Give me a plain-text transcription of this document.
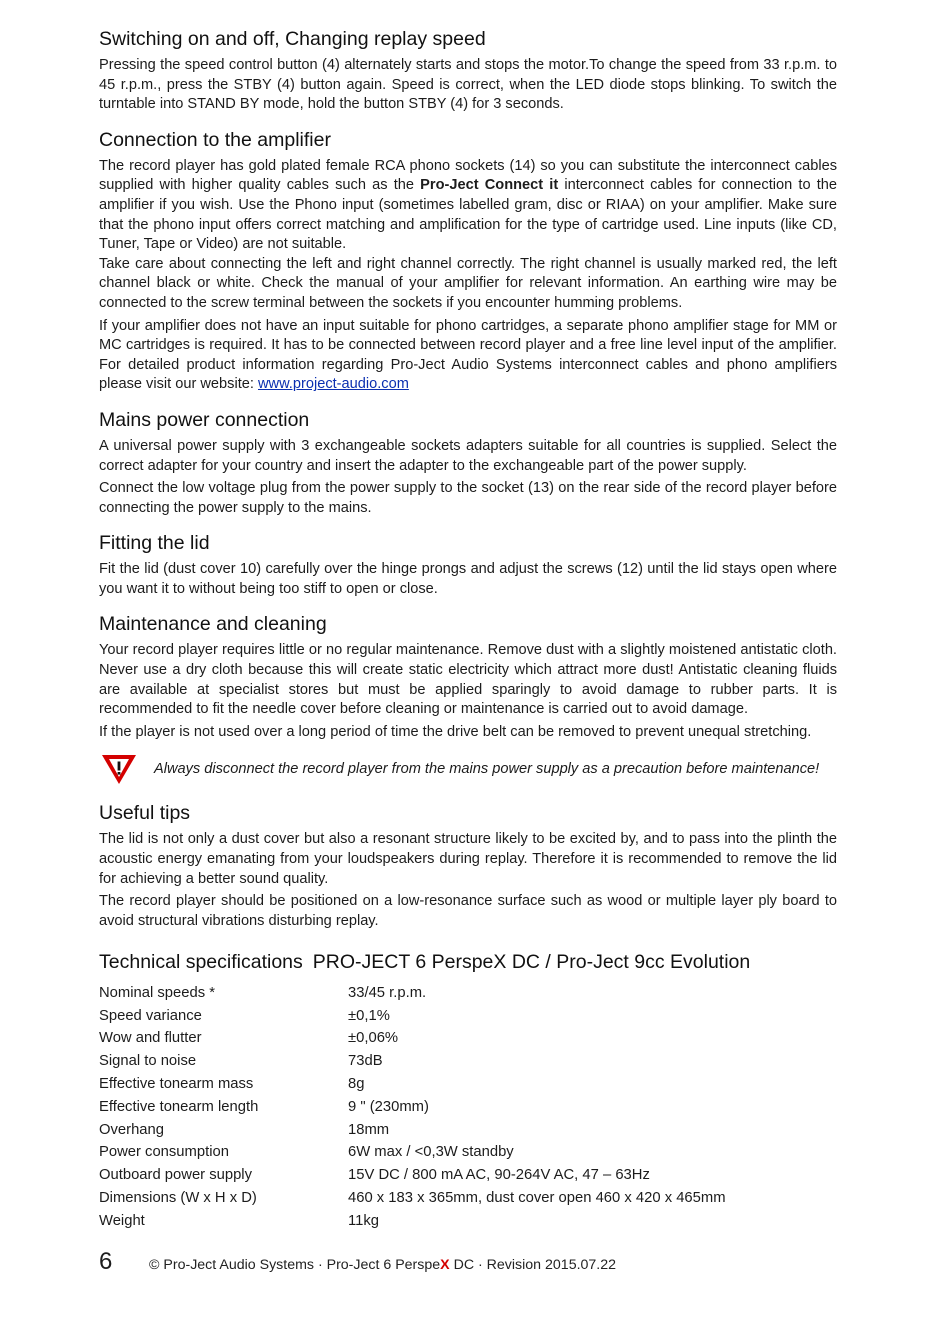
Switching on and off, Changing replay speed

Pressing the speed control button (4) alternately starts and stops the motor.To change the speed from 33 r.p.m. to 45 r.p.m., press the STBY (4) button again. Speed is correct, when the LED diode stops blinking. To switch the turntable into STAND BY mode, hold the button STBY (4) for 3 seconds.

Connection to the amplifier

The record player has gold plated female RCA phono sockets (14) so you can substitute the interconnect cables supplied with higher quality cables such as the Pro-Ject Connect it interconnect cables for connection to the amplifier if you wish. Use the Phono input (sometimes labelled gram, disc or RIAA) on your amplifier. Make sure that the phono input offers correct matching and amplification for the type of cartridge used. Line inputs (like CD, Tuner, Tape or Video) are not suitable.

Take care about connecting the left and right channel correctly. The right channel is usually marked red, the left channel black or white. Check the manual of your amplifier for relevant information. An earthing wire may be connected to the screw terminal between the sockets if you encounter humming problems.

If your amplifier does not have an input suitable for phono cartridges, a separate phono amplifier stage for MM or MC cartridges is required. It has to be connected between record player and a free line level input of the amplifier. For detailed product information regarding Pro-Ject Audio Systems interconnect cables and phono amplifiers please visit our website: www.project-audio.com

Mains power connection

A universal power supply with 3 exchangeable sockets adapters suitable for all countries is supplied. Select the correct adapter for your country and insert the adapter to the exchangeable part of the power supply.

Connect the low voltage plug from the power supply to the socket (13) on the rear side of the record player before connecting the power supply to the mains.

Fitting the lid

Fit the lid (dust cover 10) carefully over the hinge prongs and adjust the screws (12) until the lid stays open where you want it to without being too stiff to open or close.

Maintenance and cleaning

Your record player requires little or no regular maintenance. Remove dust with a slightly moistened antistatic cloth. Never use a dry cloth because this will create static electricity which attract more dust! Antistatic cleaning fluids are available at specialist stores but must be applied sparingly to avoid damage to rubber parts. It is recommended to fit the needle cover before cleaning or maintenance is carried out to avoid damage.

If the player is not used over a long period of time the drive belt can be removed to prevent unequal stretching.

Always disconnect the record player from the mains power supply as a precaution before maintenance!
Useful tips

The lid is not only a dust cover but also a resonant structure likely to be excited by, and to pass into the plinth the acoustic energy emanating from your loudspeakers during replay. Therefore it is recommended to remove the lid for achieving a better sound quality.

The record player should be positioned on a low-resonance surface such as wood or multiple layer ply board to avoid structural vibrations disturbing replay.

Technical specifications PRO-JECT 6 PerspeX DC / Pro-Ject 9cc Evolution
Nominal speeds *	33/45 r.p.m.
Speed variance	±0,1%
Wow and flutter	±0,06%
Signal to noise	73dB
Effective tonearm mass	8g
Effective tonearm length	9 " (230mm)
Overhang	18mm
Power consumption	6W max / <0,3W standby
Outboard power supply	15V DC / 800 mA AC, 90-264V AC, 47 – 63Hz
Dimensions (W x H x D)	460 x 183 x 365mm, dust cover open 460 x 420 x 465mm
Weight	11kg
6	© Pro-Ject Audio Systems · Pro-Ject 6 PerspeX DC · Revision 2015.07.22
